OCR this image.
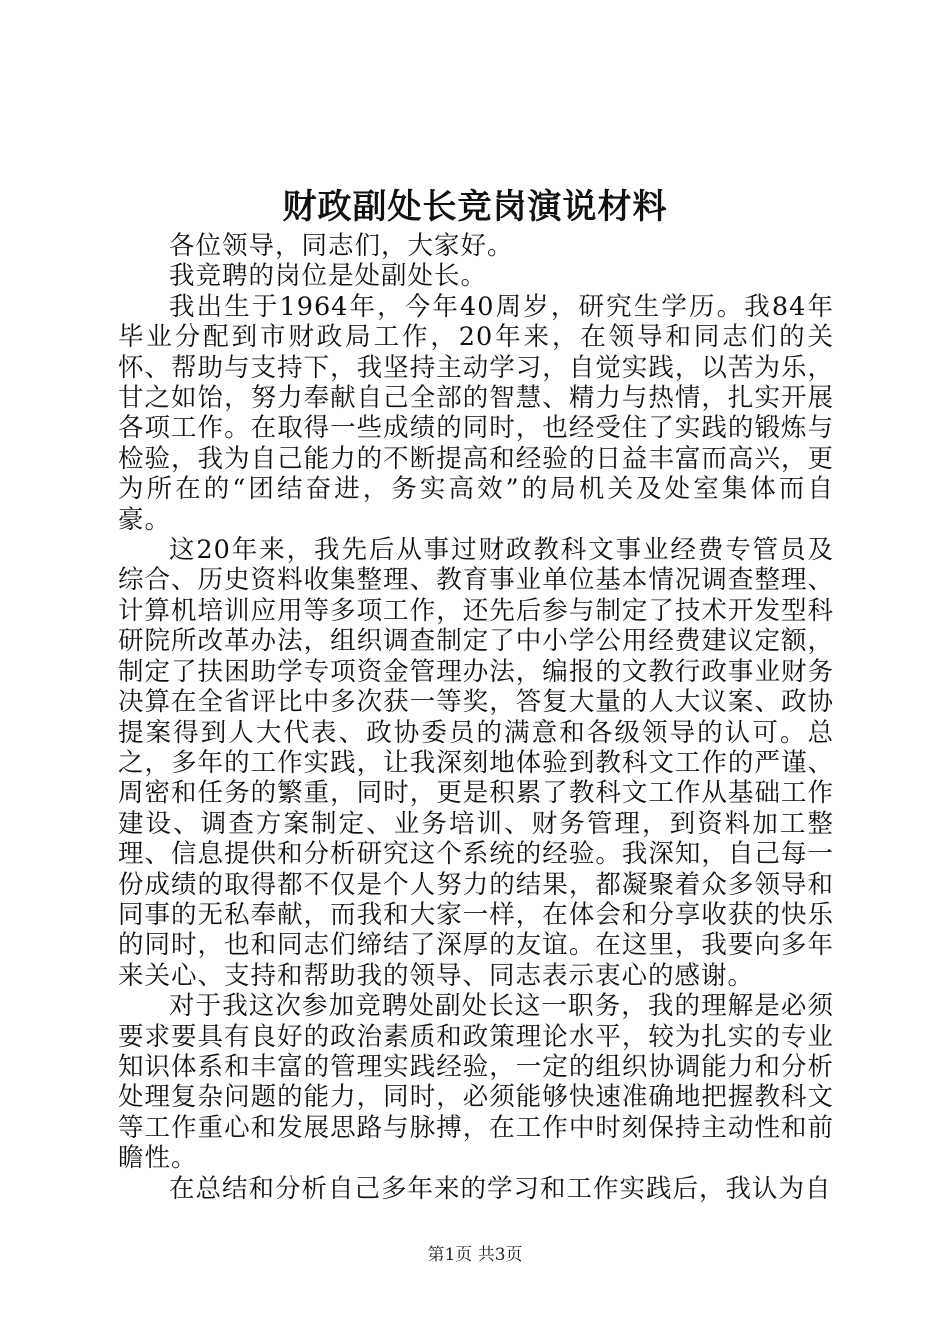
财政副处长竞岗演说材料

各位领导，同志们，大家好。

我竞聘的岗位是处副处长。

我出生于1964年，今年40周岁，研究生学历。我84年毕业分配到市财政局工作，20年来，在领导和同志们的关怀、帮助与支持下，我坚持主动学习，自觉实践，以苦为乐，甘之如饴，努力奉献自己全部的智慧、精力与热情，扎实开展各项工作。在取得一些成绩的同时，也经受住了实践的锻炼与检验，我为自己能力的不断提高和经验的日益丰富而高兴，更为所在的“团结奋进，务实高效”的局机关及处室集体而自豪。

这20年来，我先后从事过财政教科文事业经费专管员及综合、历史资料收集整理、教育事业单位基本情况调查整理、计算机培训应用等多项工作，还先后参与制定了技术开发型科研院所改革办法，组织调查制定了中小学公用经费建议定额，制定了扶困助学专项资金管理办法，编报的文教行政事业财务决算在全省评比中多次获一等奖，答复大量的人大议案、政协提案得到人大代表、政协委员的满意和各级领导的认可。总之，多年的工作实践，让我深刻地体验到教科文工作的严谨、周密和任务的繁重，同时，更是积累了教科文工作从基础工作建设、调查方案制定、业务培训、财务管理，到资料加工整理、信息提供和分析研究这个系统的经验。我深知，自己每一份成绩的取得都不仅是个人努力的结果，都凝聚着众多领导和同事的无私奉献，而我和大家一样，在体会和分享收获的快乐的同时，也和同志们缔结了深厚的友谊。在这里，我要向多年来关心、支持和帮助我的领导、同志表示衷心的感谢。

对于我这次参加竞聘处副处长这一职务，我的理解是必须要求要具有良好的政治素质和政策理论水平，较为扎实的专业知识体系和丰富的管理实践经验，一定的组织协调能力和分析处理复杂问题的能力，同时，必须能够快速准确地把握教科文等工作重心和发展思路与脉搏，在工作中时刻保持主动性和前瞻性。

在总结和分析自己多年来的学习和工作实践后，我认为自

第1页 共3页
